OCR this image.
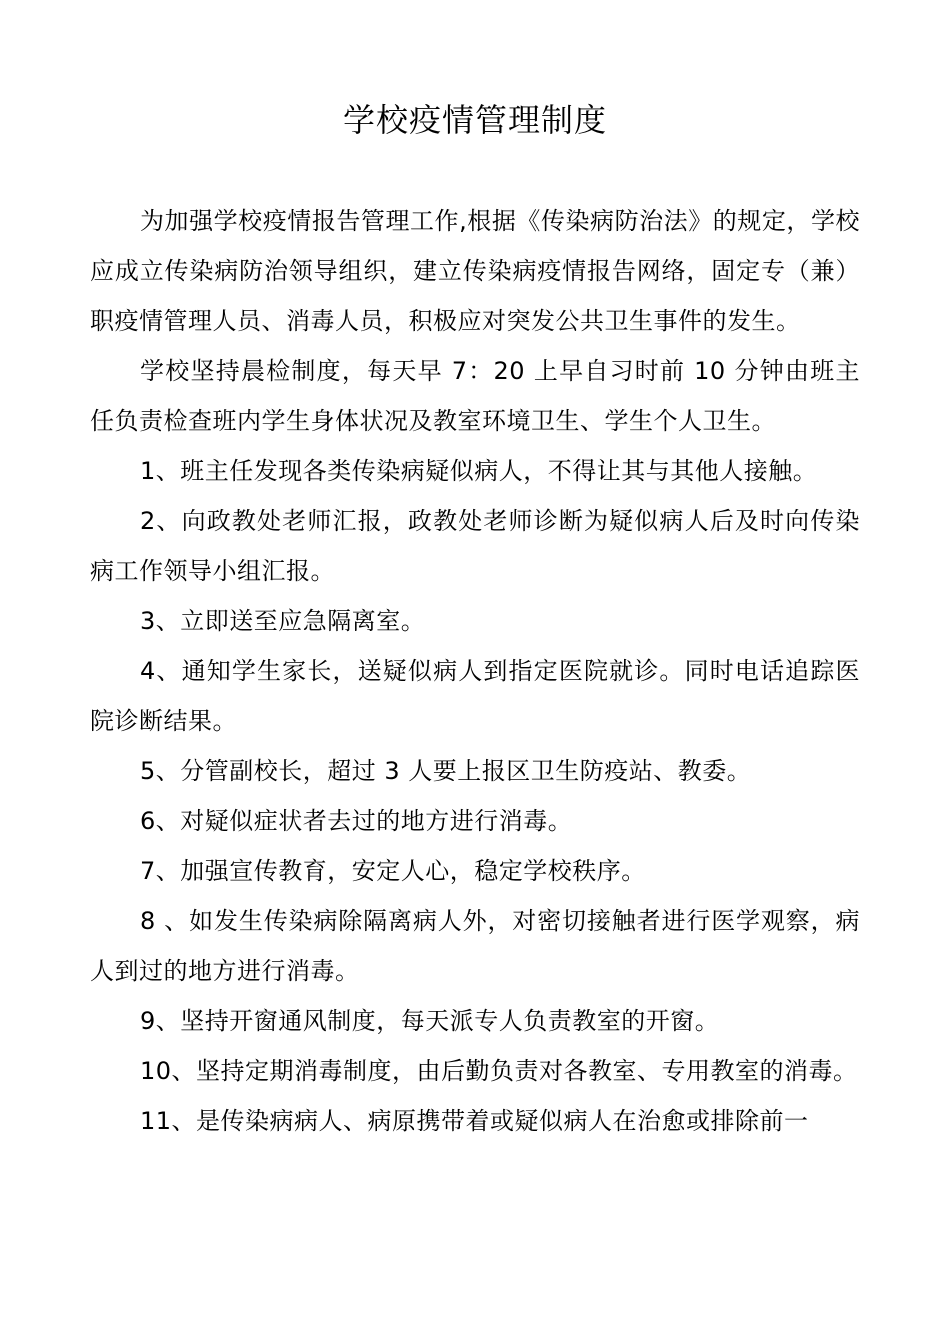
学校疫情管理制度

为加强学校疫情报告管理工作,根据《传染病防治法》的规定，学校应成立传染病防治领导组织，建立传染病疫情报告网络，固定专（兼）职疫情管理人员、消毒人员，积极应对突发公共卫生事件的发生。

学校坚持晨检制度，每天早 7：20 上早自习时前 10 分钟由班主任负责检查班内学生身体状况及教室环境卫生、学生个人卫生。

1、班主任发现各类传染病疑似病人，不得让其与其他人接触。

2、向政教处老师汇报，政教处老师诊断为疑似病人后及时向传染病工作领导小组汇报。

3、立即送至应急隔离室。

4、通知学生家长，送疑似病人到指定医院就诊。同时电话追踪医院诊断结果。

5、分管副校长，超过 3 人要上报区卫生防疫站、教委。

6、对疑似症状者去过的地方进行消毒。

7、加强宣传教育，安定人心，稳定学校秩序。

8 、如发生传染病除隔离病人外，对密切接触者进行医学观察，病人到过的地方进行消毒。

9、坚持开窗通风制度，每天派专人负责教室的开窗。

10、坚持定期消毒制度，由后勤负责对各教室、专用教室的消毒。

11、是传染病病人、病原携带着或疑似病人在治愈或排除前一
